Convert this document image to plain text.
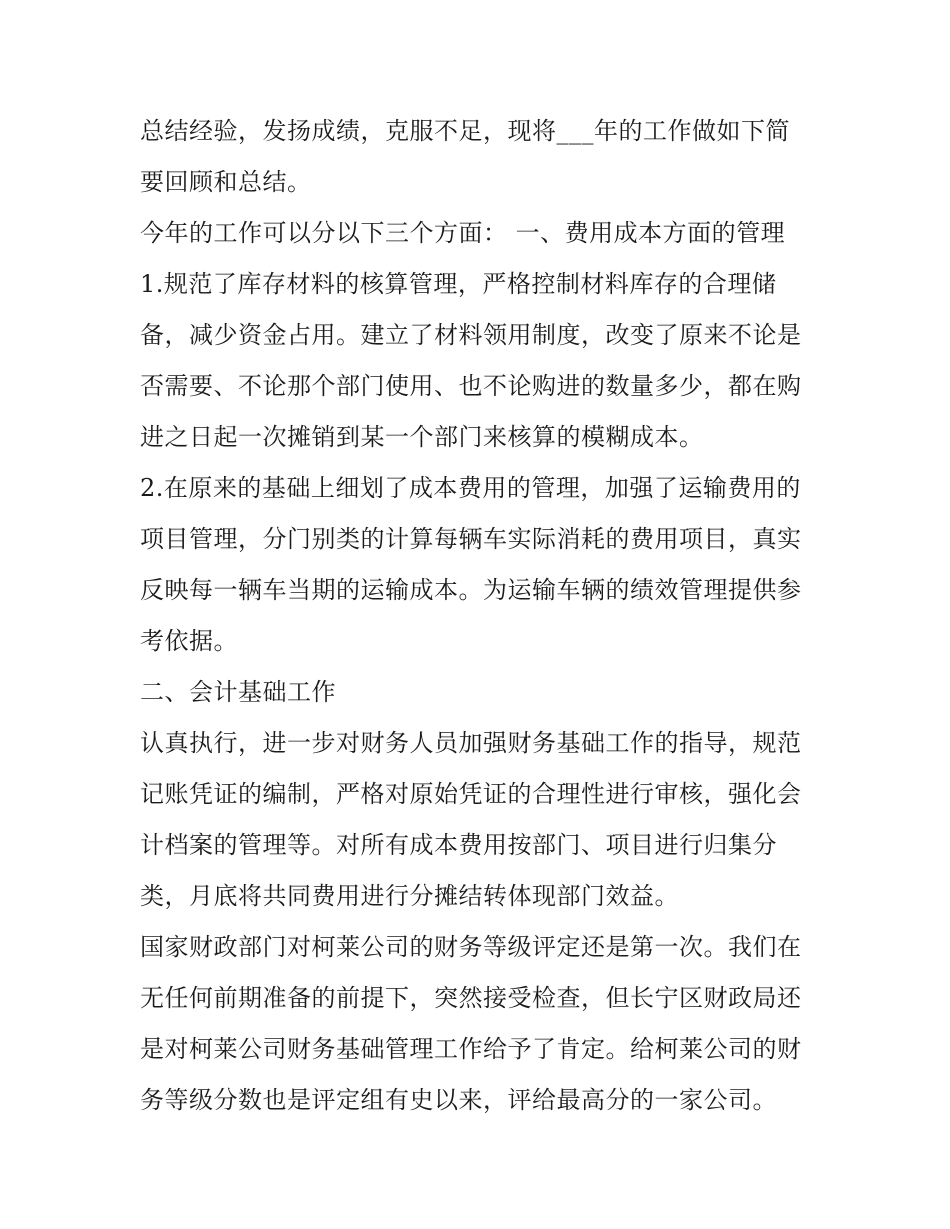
总结经验，发扬成绩，克服不足，现将___年的工作做如下简
要回顾和总结。
今年的工作可以分以下三个方面： 一、费用成本方面的管理
1.规范了库存材料的核算管理，严格控制材料库存的合理储
备，减少资金占用。建立了材料领用制度，改变了原来不论是
否需要、不论那个部门使用、也不论购进的数量多少，都在购
进之日起一次摊销到某一个部门来核算的模糊成本。
2.在原来的基础上细划了成本费用的管理，加强了运输费用的
项目管理，分门别类的计算每辆车实际消耗的费用项目，真实
反映每一辆车当期的运输成本。为运输车辆的绩效管理提供参
考依据。
二、会计基础工作
认真执行，进一步对财务人员加强财务基础工作的指导，规范
记账凭证的编制，严格对原始凭证的合理性进行审核，强化会
计档案的管理等。对所有成本费用按部门、项目进行归集分
类，月底将共同费用进行分摊结转体现部门效益。
国家财政部门对柯莱公司的财务等级评定还是第一次。我们在
无任何前期准备的前提下，突然接受检查，但长宁区财政局还
是对柯莱公司财务基础管理工作给予了肯定。给柯莱公司的财
务等级分数也是评定组有史以来，评给最高分的一家公司。
